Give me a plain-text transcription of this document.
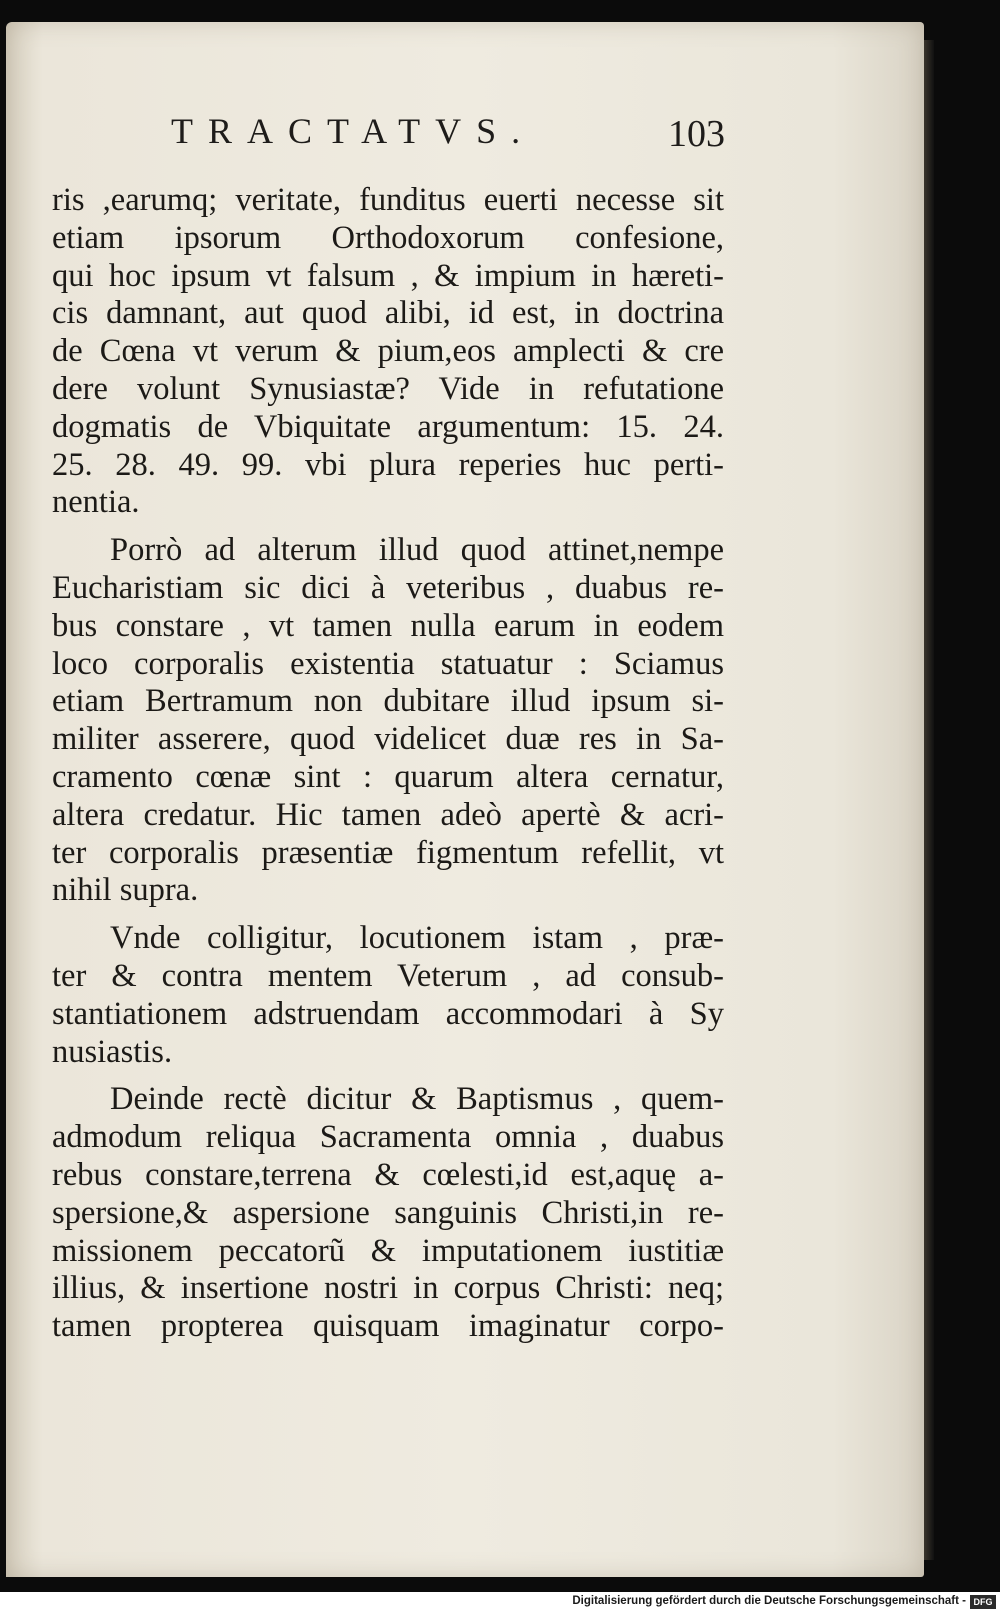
TRACTATVS.	103
ris ,earumq; veritate, funditus euerti necesse sit
etiam ipsorum Orthodoxorum confesione,
qui hoc ipsum vt falsum , & impium in hæreti-
cis damnant, aut quod alibi, id est, in doctrina
de Cœna vt verum & pium,eos amplecti & cre
dere volunt Synusiastæ? Vide in refutatione
dogmatis de Vbiquitate argumentum: 15. 24.
25. 28. 49. 99. vbi plura reperies huc perti-
nentia.
Porrò ad alterum illud quod attinet,nempe
Eucharistiam sic dici à veteribus , duabus re-
bus constare , vt tamen nulla earum in eodem
loco corporalis existentia statuatur : Sciamus
etiam Bertramum non dubitare illud ipsum si-
militer asserere, quod videlicet duæ res in Sa-
cramento cœnæ sint : quarum altera cernatur,
altera credatur. Hic tamen adeò apertè & acri-
ter corporalis præsentiæ figmentum refellit, vt
nihil supra.
Vnde colligitur, locutionem istam , præ-
ter & contra mentem Veterum , ad consub-
stantiationem adstruendam accommodari à Sy
nusiastis.
Deinde rectè dicitur & Baptismus , quem-
admodum reliqua Sacramenta omnia , duabus
rebus constare,terrena & cœlesti,id est,aquę a-
spersione,& aspersione sanguinis Christi,in re-
missionem peccatorũ & imputationem iustitiæ
illius, & insertione nostri in corpus Christi: neq;
tamen propterea quisquam imaginatur corpo-
Digitalisierung gefördert durch die Deutsche Forschungsgemeinschaft - DFG
